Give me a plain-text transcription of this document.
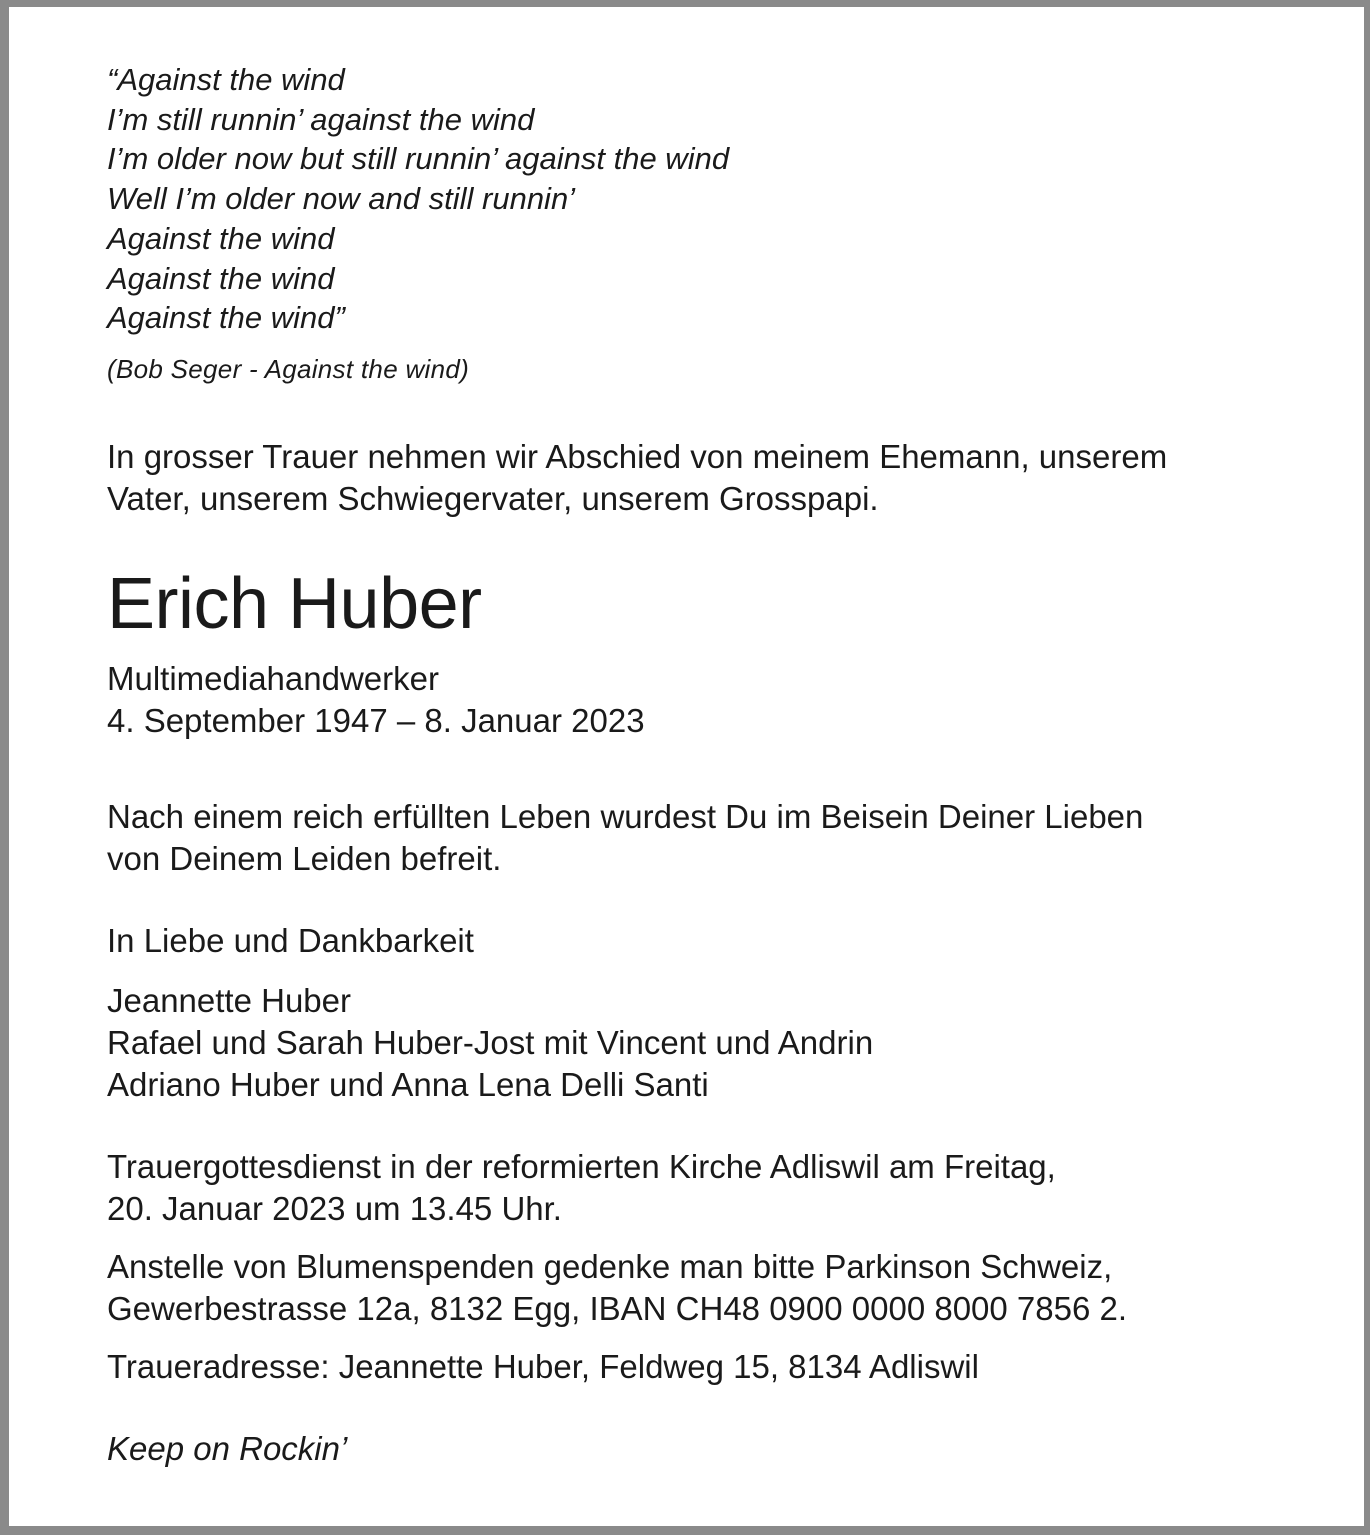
“Against the wind
I’m still runnin’ against the wind
I’m older now but still runnin’ against the wind
Well I’m older now and still runnin’
Against the wind
Against the wind
Against the wind”
(Bob Seger - Against the wind)
In grosser Trauer nehmen wir Abschied von meinem Ehemann, unserem
Vater, unserem Schwiegervater, unserem Grosspapi.
Erich Huber
Multimediahandwerker
4. September 1947 – 8. Januar 2023
Nach einem reich erfüllten Leben wurdest Du im Beisein Deiner Lieben
von Deinem Leiden befreit.
In Liebe und Dankbarkeit
Jeannette Huber
Rafael und Sarah Huber-Jost mit Vincent und Andrin
Adriano Huber und Anna Lena Delli Santi
Trauergottesdienst in der reformierten Kirche Adliswil am Freitag,
20. Januar 2023 um 13.45 Uhr.
Anstelle von Blumenspenden gedenke man bitte Parkinson Schweiz,
Gewerbestrasse 12a, 8132 Egg, IBAN CH48 0900 0000 8000 7856 2.
Traueradresse: Jeannette Huber, Feldweg 15, 8134 Adliswil
Keep on Rockin’
